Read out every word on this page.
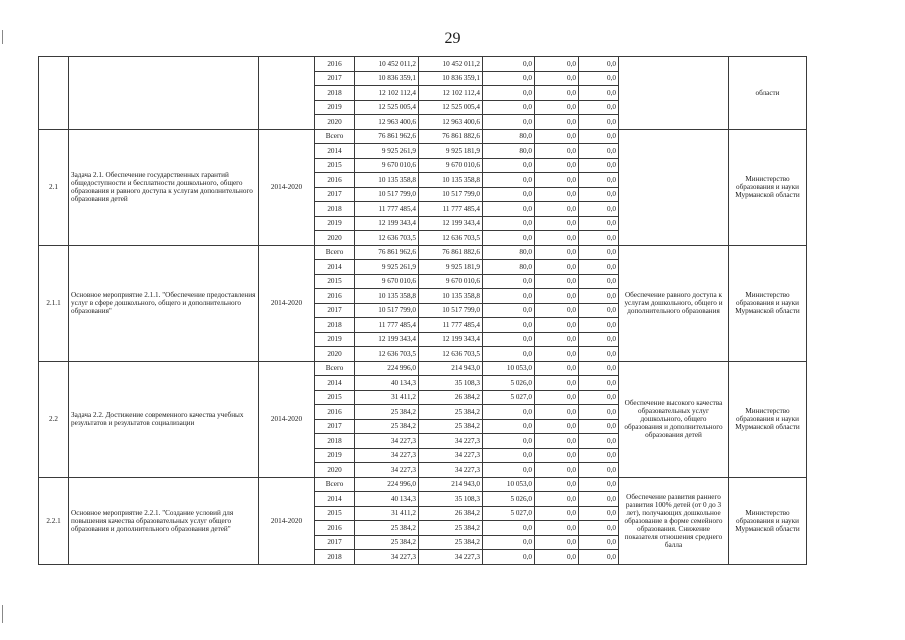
29
			2016	10 452 011,2	10 452 011,2	0,0	0,0	0,0		области
			2017	10 836 359,1	10 836 359,1	0,0	0,0	0,0		
			2018	12 102 112,4	12 102 112,4	0,0	0,0	0,0		
			2019	12 525 005,4	12 525 005,4	0,0	0,0	0,0		
			2020	12 963 400,6	12 963 400,6	0,0	0,0	0,0		
2.1	Задача 2.1. Обеспечение государственных гарантий общедоступности и бесплатности дошкольного, общего образования и равного доступа к услугам дополнительного образования детей	2014-2020	Всего	76 861 962,6	76 861 882,6	80,0	0,0	0,0		Министерство образования и науки Мурманской области
			2014	9 925 261,9	9 925 181,9	80,0	0,0	0,0		
			2015	9 670 010,6	9 670 010,6	0,0	0,0	0,0		
			2016	10 135 358,8	10 135 358,8	0,0	0,0	0,0		
			2017	10 517 799,0	10 517 799,0	0,0	0,0	0,0		
			2018	11 777 485,4	11 777 485,4	0,0	0,0	0,0		
			2019	12 199 343,4	12 199 343,4	0,0	0,0	0,0		
			2020	12 636 703,5	12 636 703,5	0,0	0,0	0,0		
2.1.1	Основное мероприятие 2.1.1. "Обеспечение предоставления услуг в сфере дошкольного, общего и дополнительного образования"	2014-2020	Всего	76 861 962,6	76 861 882,6	80,0	0,0	0,0	Обеспечение равного доступа к услугам дошкольного, общего и дополнительного образования	Министерство образования и науки Мурманской области
			2014	9 925 261,9	9 925 181,9	80,0	0,0	0,0		
			2015	9 670 010,6	9 670 010,6	0,0	0,0	0,0		
			2016	10 135 358,8	10 135 358,8	0,0	0,0	0,0		
			2017	10 517 799,0	10 517 799,0	0,0	0,0	0,0		
			2018	11 777 485,4	11 777 485,4	0,0	0,0	0,0		
			2019	12 199 343,4	12 199 343,4	0,0	0,0	0,0		
			2020	12 636 703,5	12 636 703,5	0,0	0,0	0,0		
2.2	Задача 2.2. Достижение современного качества учебных результатов и результатов социализации	2014-2020	Всего	224 996,0	214 943,0	10 053,0	0,0	0,0	Обеспечение высокого качества образовательных услуг дошкольного, общего образования и дополнительного образования детей	Министерство образования и науки Мурманской области
			2014	40 134,3	35 108,3	5 026,0	0,0	0,0		
			2015	31 411,2	26 384,2	5 027,0	0,0	0,0		
			2016	25 384,2	25 384,2	0,0	0,0	0,0		
			2017	25 384,2	25 384,2	0,0	0,0	0,0		
			2018	34 227,3	34 227,3	0,0	0,0	0,0		
			2019	34 227,3	34 227,3	0,0	0,0	0,0		
			2020	34 227,3	34 227,3	0,0	0,0	0,0		
2.2.1	Основное мероприятие 2.2.1. "Создание условий для повышения качества образовательных услуг общего образования и дополнительного образования детей"	2014-2020	Всего	224 996,0	214 943,0	10 053,0	0,0	0,0	Обеспечение развития раннего развития 100% детей (от 0 до 3 лет), получающих дошкольное образование в форме семейного образования. Снижение показателя отношения среднего балла	Министерство образования и науки Мурманской области
			2014	40 134,3	35 108,3	5 026,0	0,0	0,0		
			2015	31 411,2	26 384,2	5 027,0	0,0	0,0		
			2016	25 384,2	25 384,2	0,0	0,0	0,0		
			2017	25 384,2	25 384,2	0,0	0,0	0,0		
			2018	34 227,3	34 227,3	0,0	0,0	0,0		
